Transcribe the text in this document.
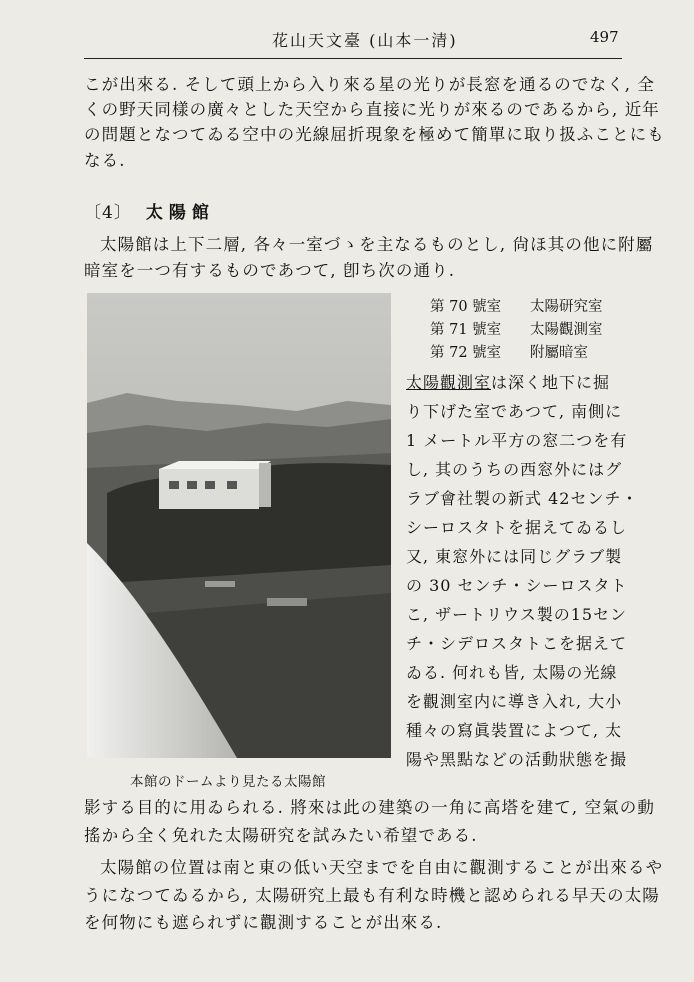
花山天文臺 (山本一清)	497
こが出來る. そして頭上から入り來る星の光りが長窓を通るのでなく, 全
くの野天同樣の廣々とした天空から直接に光りが來るのであるから, 近年
の問題となつてゐる空中の光線屈折現象を極めて簡單に取り扱ふことにも
なる.
〔4〕 太陽館
太陽館は上下二層, 各々一室づゝを主なるものとし, 尙ほ其の他に附屬
暗室を一つ有するものであつて, 卽ち次の通り.
本館のドームより見たる太陽館
第 70 號室 太陽研究室
第 71 號室 太陽觀測室
第 72 號室 附屬暗室
太陽觀測室は深く地下に掘
り下げた室であつて, 南側に
1 メートル平方の窓二つを有
し, 其のうちの西窓外にはグ
ラブ會社製の新式 42センチ・
シーロスタトを据えてゐるし
又, 東窓外には同じグラブ製
の 30 センチ・シーロスタト
こ, ザートリウス製の15セン
チ・シデロスタトこを据えて
ゐる. 何れも皆, 太陽の光線
を觀測室内に導き入れ, 大小
種々の寫眞裝置によつて, 太
陽や黑點などの活動狀態を撮
影する目的に用ゐられる. 將來は此の建築の一角に高塔を建て, 空氣の動
搖から全く免れた太陽研究を試みたい希望である.
太陽館の位置は南と東の低い天空までを自由に觀測することが出來るや
うになつてゐるから, 太陽研究上最も有利な時機と認められる早天の太陽
を何物にも遮られずに觀測することが出來る.
